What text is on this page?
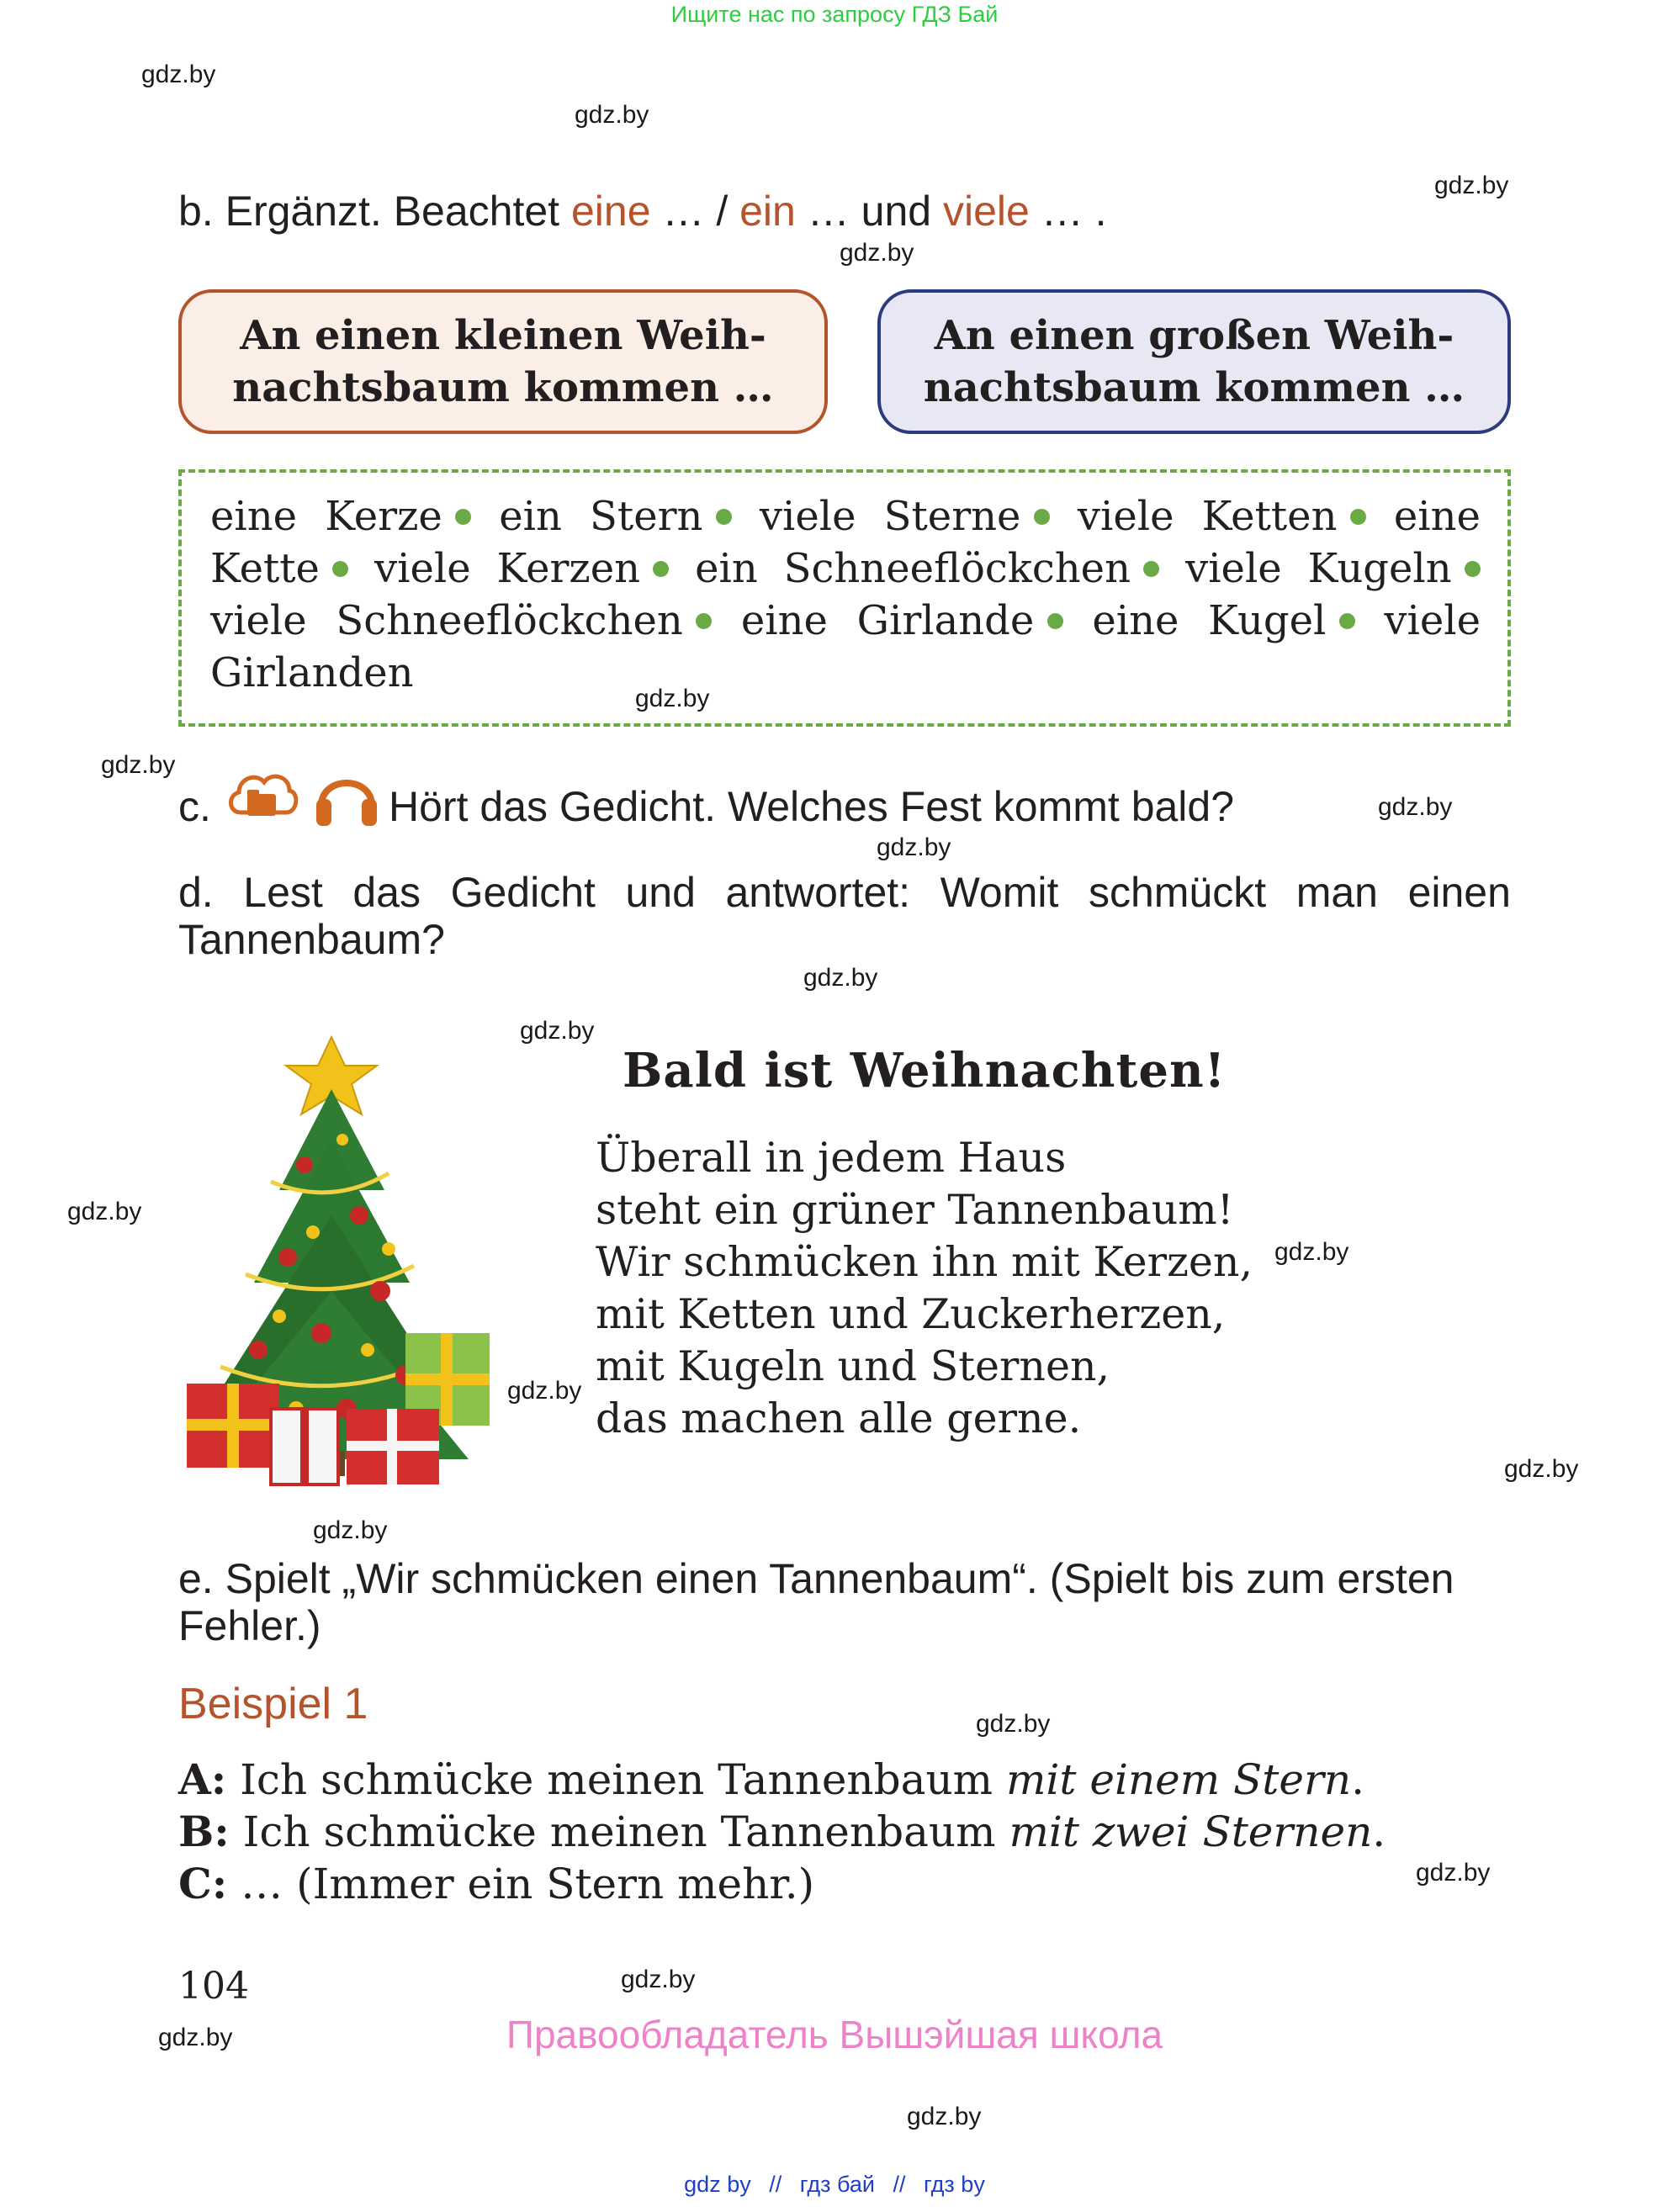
Ищите нас по запросу ГДЗ Бай
gdz.by
gdz.by
gdz.by
gdz.by
gdz.by
gdz.by
gdz.by
gdz.by
gdz.by
gdz.by
gdz.by
gdz.by
gdz.by
gdz.by
gdz.by
gdz.by
gdz.by
gdz.by
gdz.by
gdz.by
b. Ergänzt. Beachtet eine … / ein … und viele … .
An einen kleinen Weih-
nachtsbaum kommen …
An einen großen Weih-
nachtsbaum kommen …
eine Kerze	ein Stern	viele Sterne	viele Ketten	eine
Kette	viele Kerzen	ein Schneeflöckchen	viele Kugeln
viele Schneeflöckchen	eine Girlande	eine Kugel	viele
Girlanden
c.	Hört das Gedicht. Welches Fest kommt bald?
d. Lest das Gedicht und antwortet: Womit schmückt man einen
Tannenbaum?
Bald ist Weihnachten!
Überall in jedem Haus
steht ein grüner Tannenbaum!
Wir schmücken ihn mit Kerzen,
mit Ketten und Zuckerherzen,
mit Kugeln und Sternen,
das machen alle gerne.
e. Spielt „Wir schmücken einen Tannenbaum“. (Spielt bis zum ersten
Fehler.)
Beispiel 1
A: Ich schmücke meinen Tannenbaum mit einem Stern.
B: Ich schmücke meinen Tannenbaum mit zwei Sternen.
C: … (Immer ein Stern mehr.)
104
Правообладатель Вышэйшая школа
gdz by // гдз бай // гдз by
